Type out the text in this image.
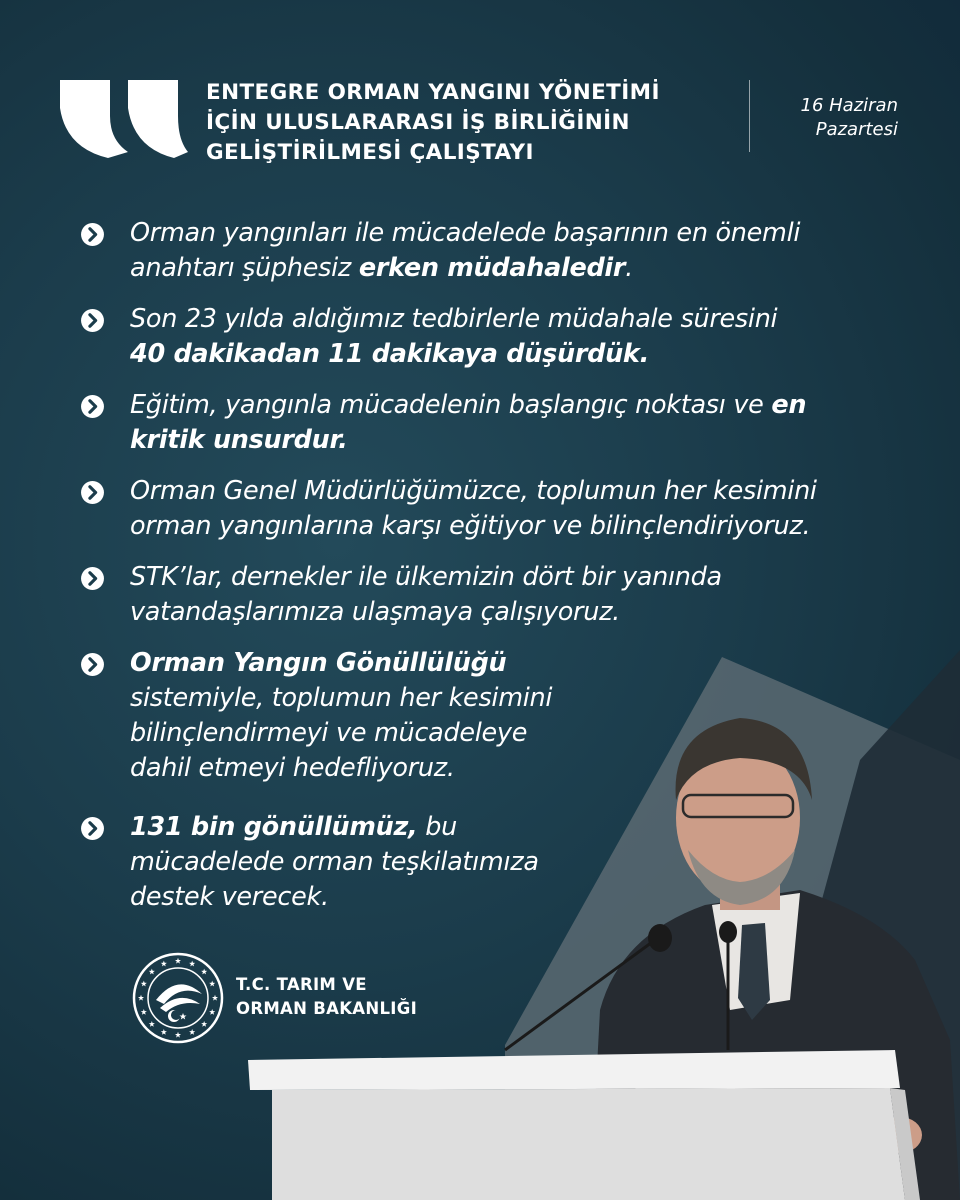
ENTEGRE ORMAN YANGINI YÖNETİMİ
İÇİN ULUSLARARASI İŞ BİRLİĞİNİN
GELİŞTİRİLMESİ ÇALIŞTAYI
16 Haziran
Pazartesi
Orman yangınları ile mücadelede başarının en önemli
anahtarı şüphesiz erken müdahaledir.
Son 23 yılda aldığımız tedbirlerle müdahale süresini
40 dakikadan 11 dakikaya düşürdük.
Eğitim, yangınla mücadelenin başlangıç noktası ve en
kritik unsurdur.
Orman Genel Müdürlüğümüzce, toplumun her kesimini
orman yangınlarına karşı eğitiyor ve bilinçlendiriyoruz.
STK’lar, dernekler ile ülkemizin dört bir yanında
vatandaşlarımıza ulaşmaya çalışıyoruz.
Orman Yangın Gönüllülüğü
sistemiyle, toplumun her kesimini
bilinçlendirmeyi ve mücadeleye
dahil etmeyi hedefliyoruz.
131 bin gönüllümüz, bu
mücadelede orman teşkilatımıza
destek verecek.
T.C. TARIM VE
ORMAN BAKANLIĞI
